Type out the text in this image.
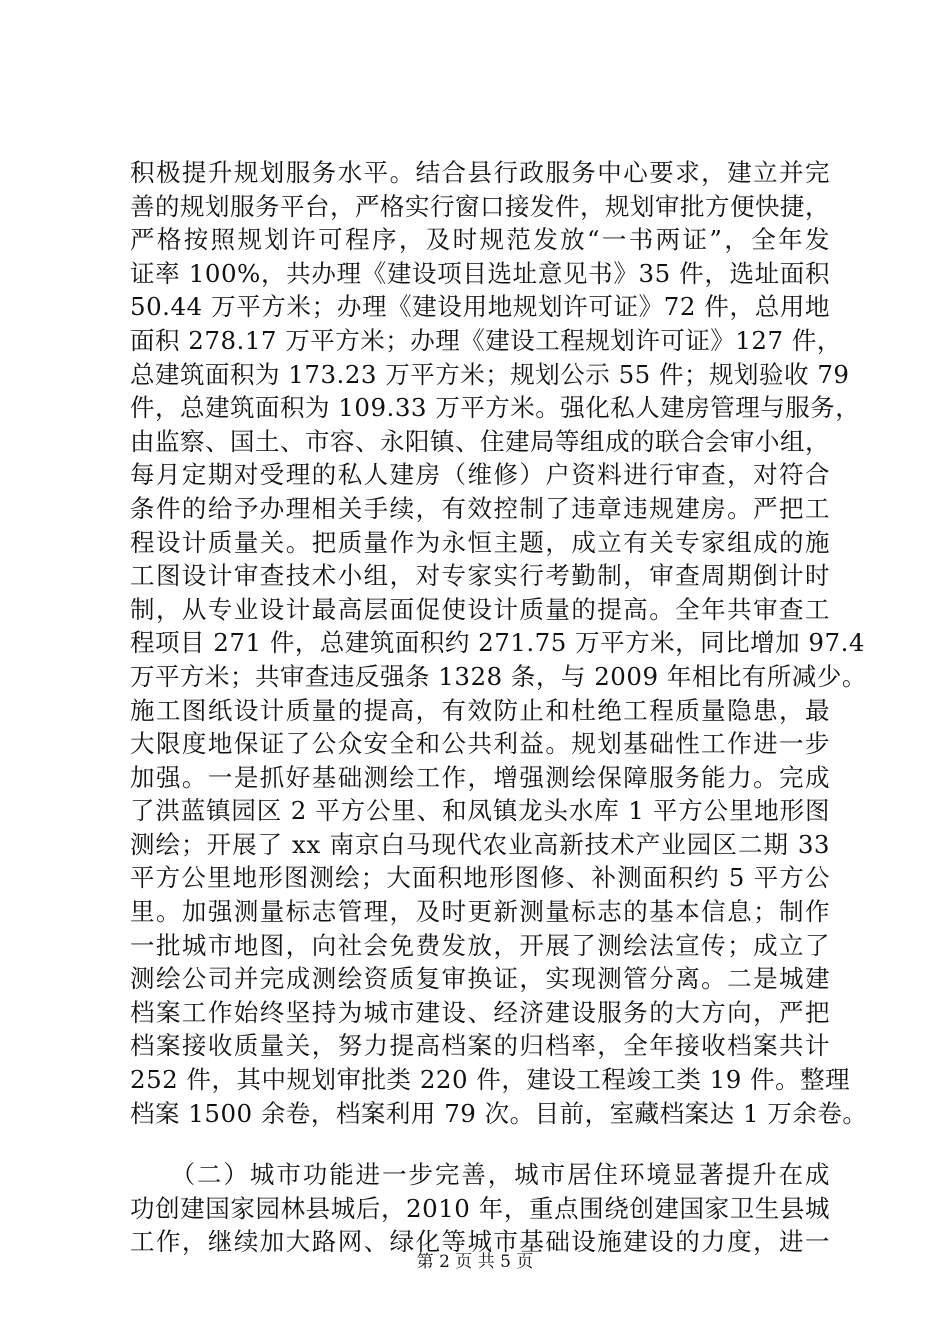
积极提升规划服务水平。结合县行政服务中心要求，建立并完
善的规划服务平台，严格实行窗口接发件，规划审批方便快捷，
严格按照规划许可程序，及时规范发放“一书两证”，全年发
证率 100%，共办理《建设项目选址意见书》35 件，选址面积
50.44 万平方米；办理《建设用地规划许可证》72 件，总用地
面积 278.17 万平方米；办理《建设工程规划许可证》127 件，
总建筑面积为 173.23 万平方米；规划公示 55 件；规划验收 79
件，总建筑面积为 109.33 万平方米。强化私人建房管理与服务，
由监察、国土、市容、永阳镇、住建局等组成的联合会审小组，
每月定期对受理的私人建房（维修）户资料进行审查，对符合
条件的给予办理相关手续，有效控制了违章违规建房。严把工
程设计质量关。把质量作为永恒主题，成立有关专家组成的施
工图设计审查技术小组，对专家实行考勤制，审查周期倒计时
制，从专业设计最高层面促使设计质量的提高。全年共审查工
程项目 271 件，总建筑面积约 271.75 万平方米，同比增加 97.4
万平方米；共审查违反强条 1328 条，与 2009 年相比有所减少。
施工图纸设计质量的提高，有效防止和杜绝工程质量隐患，最
大限度地保证了公众安全和公共利益。规划基础性工作进一步
加强。一是抓好基础测绘工作，增强测绘保障服务能力。完成
了洪蓝镇园区 2 平方公里、和凤镇龙头水库 1 平方公里地形图
测绘；开展了 xx 南京白马现代农业高新技术产业园区二期 33
平方公里地形图测绘；大面积地形图修、补测面积约 5 平方公
里。加强测量标志管理，及时更新测量标志的基本信息；制作
一批城市地图，向社会免费发放，开展了测绘法宣传；成立了
测绘公司并完成测绘资质复审换证，实现测管分离。二是城建
档案工作始终坚持为城市建设、经济建设服务的大方向，严把
档案接收质量关，努力提高档案的归档率，全年接收档案共计
252 件，其中规划审批类 220 件，建设工程竣工类 19 件。整理
档案 1500 余卷，档案利用 79 次。目前，室藏档案达 1 万余卷。
　　（二）城市功能进一步完善，城市居住环境显著提升在成
功创建国家园林县城后，2010 年，重点围绕创建国家卫生县城
工作，继续加大路网、绿化等城市基础设施建设的力度，进一
第 2 页 共 5 页
